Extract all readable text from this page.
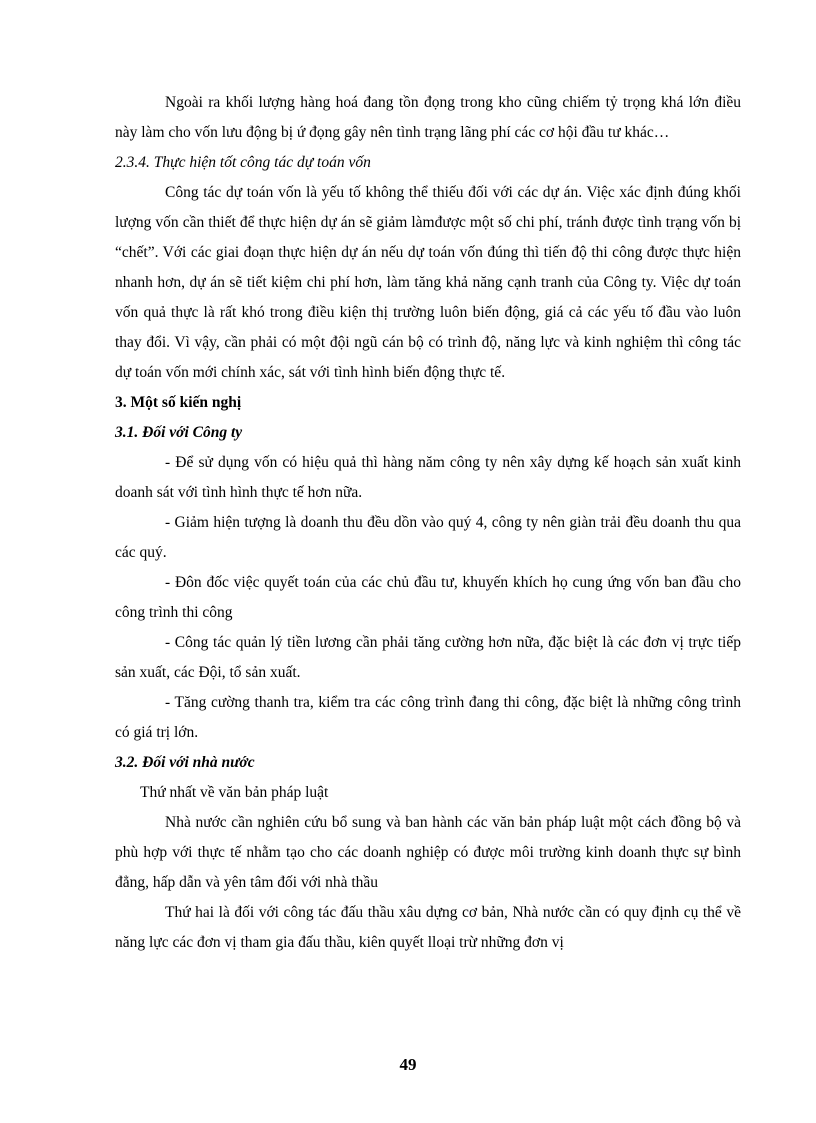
Ngoài ra khối lượng hàng hoá đang tồn đọng trong kho cũng chiếm tỷ trọng khá lớn điều này làm cho vốn lưu động bị ứ đọng gây nên tình trạng lãng phí các cơ hội đầu tư khác…

2.3.4. Thực hiện tốt công tác dự toán vốn

Công tác dự toán vốn là yếu tố không thể thiếu đối với các dự án. Việc xác định đúng khối lượng vốn cần thiết để thực hiện dự án sẽ giảm làmđược một số chi phí, tránh được tình trạng vốn bị “chết”. Với các giai đoạn thực hiện dự án nếu dự toán vốn đúng thì tiến độ thi công được thực hiện nhanh hơn, dự án sẽ tiết kiệm chi phí hơn, làm tăng khả năng cạnh tranh của Công ty. Việc dự toán vốn quả thực là rất khó trong điều kiện thị trường luôn biến động, giá cả các yếu tố đầu vào luôn thay đổi. Vì vậy, cần phải có một đội ngũ cán bộ có trình độ, năng lực và kinh nghiệm thì công tác dự toán vốn mới chính xác, sát với tình hình biến động thực tế.

3. Một số kiến nghị

3.1. Đối với Công ty

- Để sử dụng vốn có hiệu quả thì hàng năm công ty nên xây dựng kế hoạch sản xuất kinh doanh sát với tình hình thực tế hơn nữa.

- Giảm hiện tượng là doanh thu đều dồn vào quý 4, công ty nên giàn trải đều doanh thu qua các quý.

- Đôn đốc việc quyết toán của các chủ đầu tư, khuyến khích họ cung ứng vốn ban đầu cho công trình thi công

- Công tác quản lý tiền lương cần phải tăng cường hơn nữa, đặc biệt là các đơn vị trực tiếp sản xuất, các Đội, tổ sản xuất.

- Tăng cường thanh tra, kiểm tra các công trình đang thi công, đặc biệt là những công trình có giá trị lớn.

3.2. Đối với nhà nước

Thứ nhất về văn bản pháp luật

Nhà nước cần nghiên cứu bổ sung và ban hành các văn bản pháp luật một cách đồng bộ và phù hợp với thực tế nhằm tạo cho các doanh nghiệp có được môi trường kinh doanh thực sự bình đẳng, hấp dẫn và yên tâm đối với nhà thầu

Thứ hai là đối với công tác đấu thầu xâu dựng cơ bản, Nhà nước cần có quy định cụ thể về năng lực các đơn vị tham gia đấu thầu, kiên quyết lloại trừ những đơn vị

49
